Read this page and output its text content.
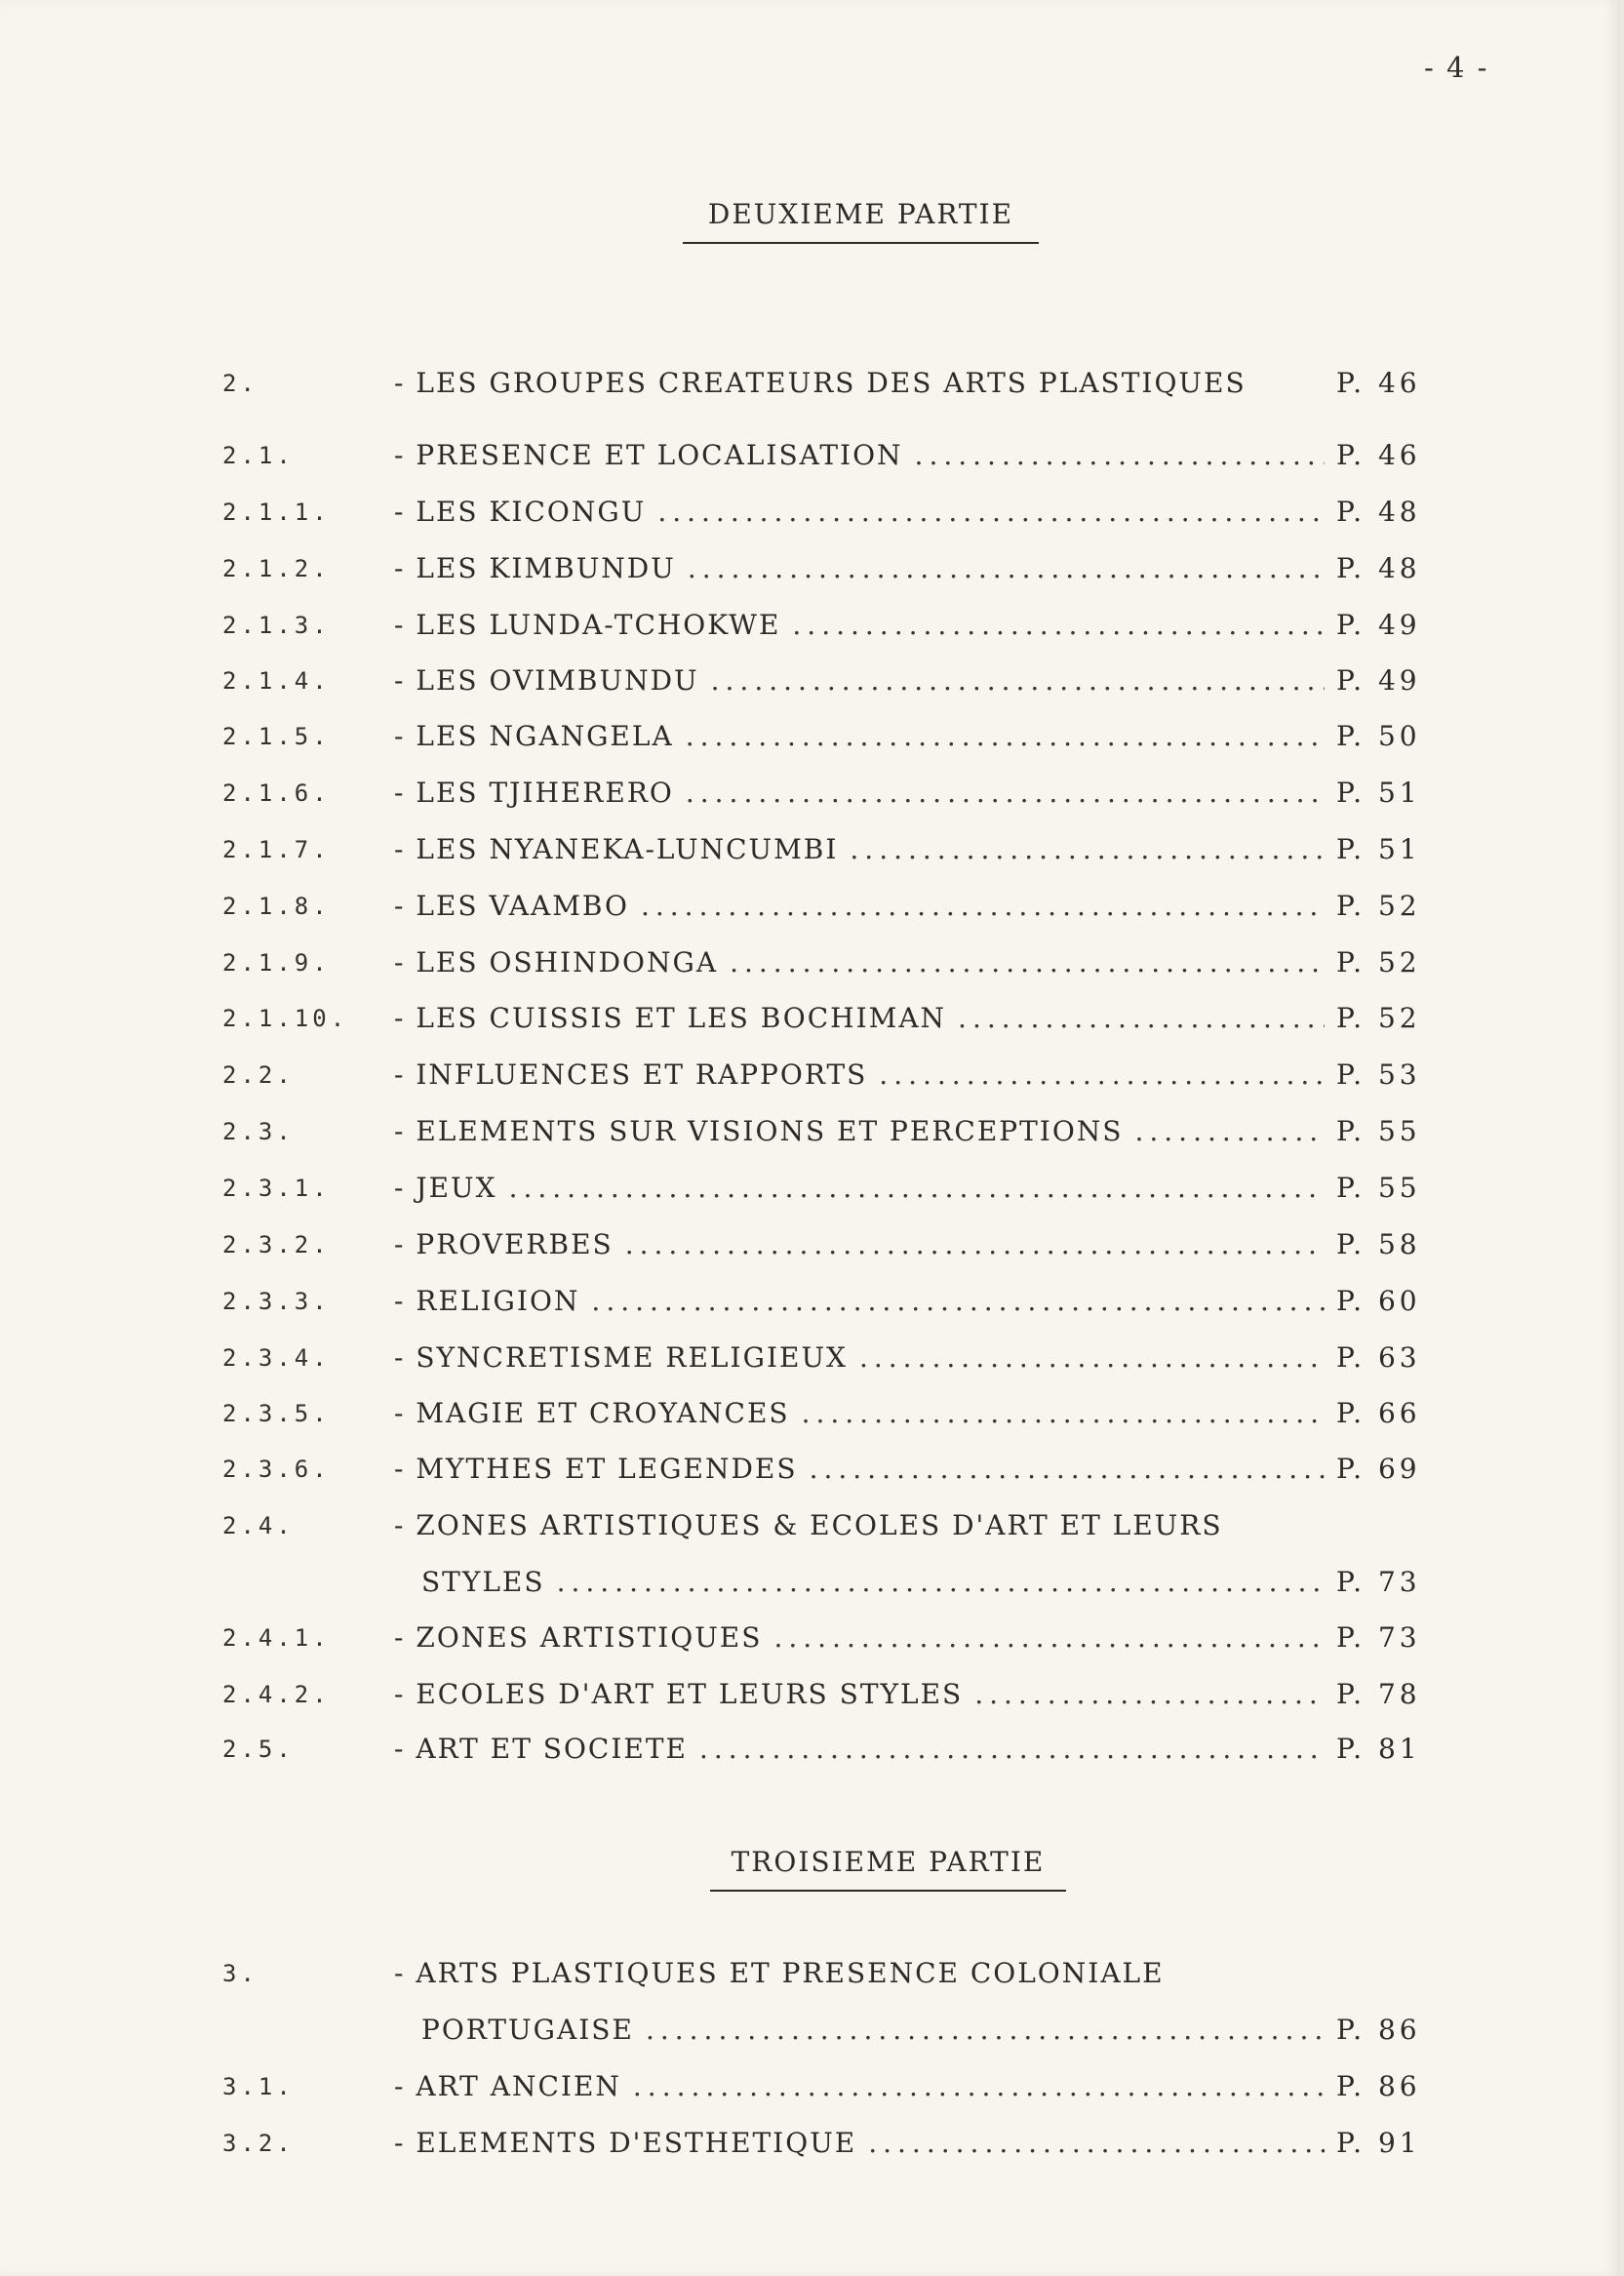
- 4 -
DEUXIEME PARTIE
TROISIEME PARTIE
2.	- LES GROUPES CREATEURS DES ARTS PLASTIQUES	P. 46
2.1.	- PRESENCE ET LOCALISATION .....	P. 46
2.1.1.	- LES KICONGU .....	P. 48
2.1.2.	- LES KIMBUNDU .....	P. 48
2.1.3.	- LES LUNDA-TCHOKWE .....	P. 49
2.1.4.	- LES OVIMBUNDU .....	P. 49
2.1.5.	- LES NGANGELA .....	P. 50
2.1.6.	- LES TJIHERERO .....	P. 51
2.1.7.	- LES NYANEKA-LUNCUMBI .....	P. 51
2.1.8.	- LES VAAMBO .....	P. 52
2.1.9.	- LES OSHINDONGA .....	P. 52
2.1.10.	- LES CUISSIS ET LES BOCHIMAN .....	P. 52
2.2.	- INFLUENCES ET RAPPORTS .....	P. 53
2.3.	- ELEMENTS SUR VISIONS ET PERCEPTIONS .....	P. 55
2.3.1.	- JEUX .....	P. 55
2.3.2.	- PROVERBES .....	P. 58
2.3.3.	- RELIGION .....	P. 60
2.3.4.	- SYNCRETISME RELIGIEUX .....	P. 63
2.3.5.	- MAGIE ET CROYANCES .....	P. 66
2.3.6.	- MYTHES ET LEGENDES .....	P. 69
2.4.	- ZONES ARTISTIQUES & ECOLES D'ART ET LEURS
STYLES .....	P. 73
2.4.1.	- ZONES ARTISTIQUES .....	P. 73
2.4.2.	- ECOLES D'ART ET LEURS STYLES .....	P. 78
2.5.	- ART ET SOCIETE .....	P. 81
3.	- ARTS PLASTIQUES ET PRESENCE COLONIALE
PORTUGAISE .....	P. 86
3.1.	- ART ANCIEN .....	P. 86
3.2.	- ELEMENTS D'ESTHETIQUE .....	P. 91
